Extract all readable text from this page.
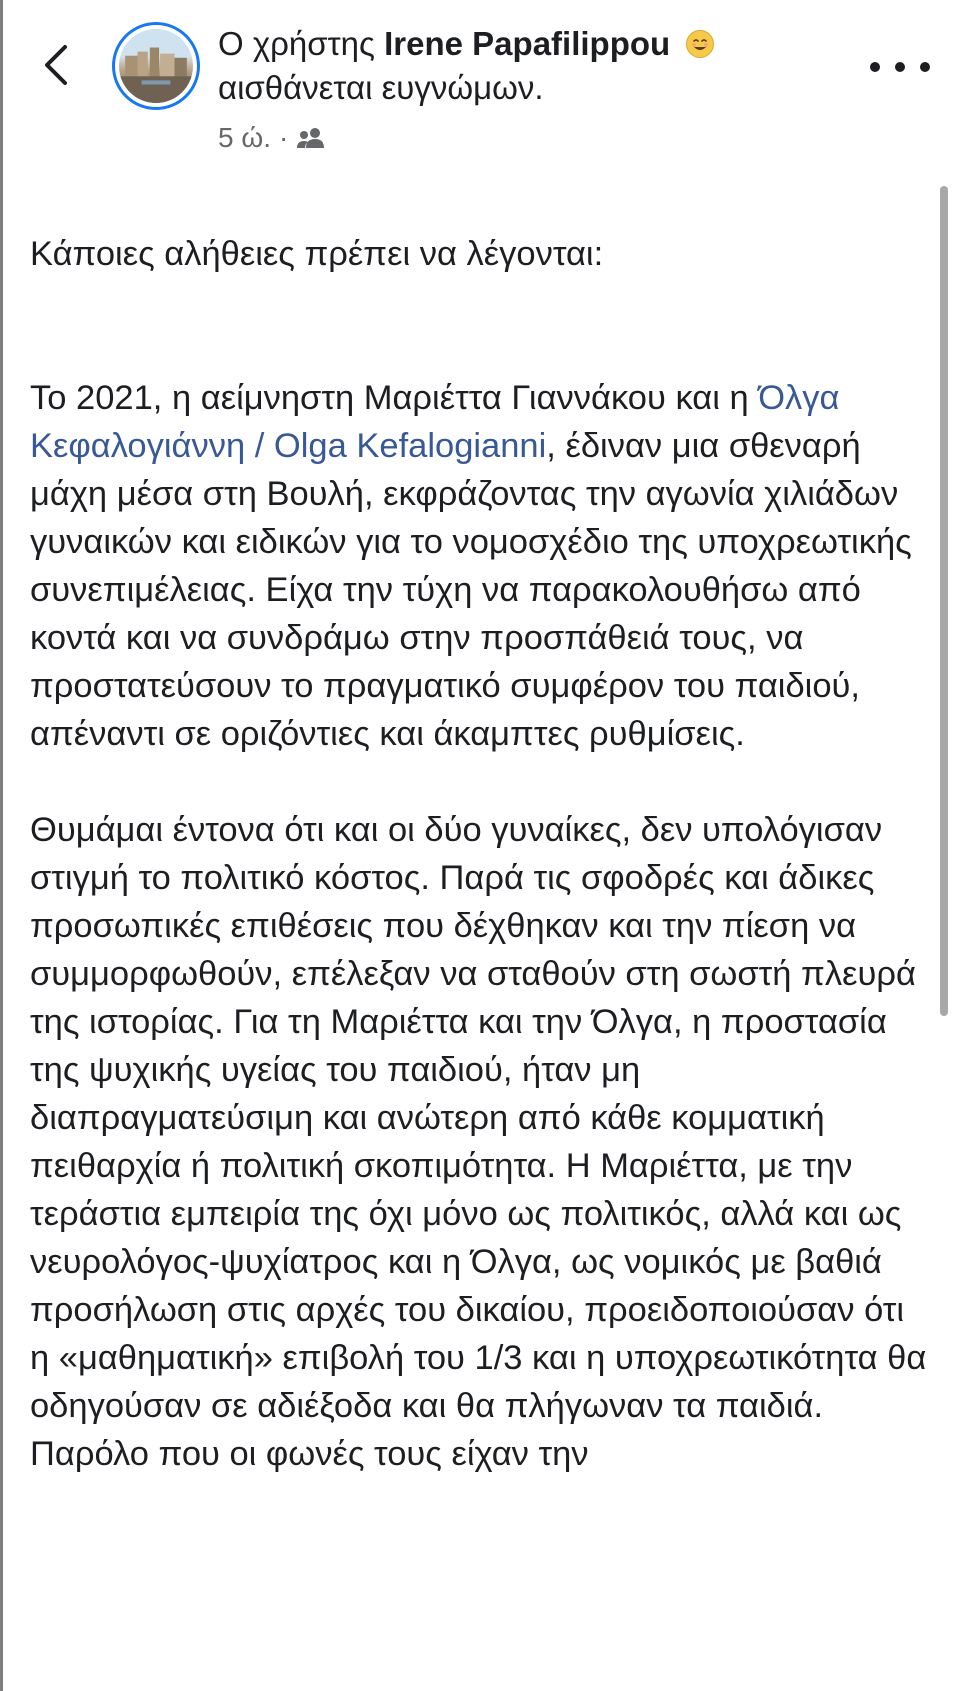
Ο χρήστης Irene Papafilippou
αισθάνεται ευγνώμων.
5 ώ. ·

Κάποιες αλήθειες πρέπει να λέγονται:

Το 2021, η αείμνηστη Μαριέττα Γιαννάκου και η Όλγα Κεφαλογιάννη / Olga Kefalogianni, έδιναν μια σθεναρή μάχη μέσα στη Βουλή, εκφράζοντας την αγωνία χιλιάδων γυναικών και ειδικών για το νομοσχέδιο της υποχρεωτικής συνεπιμέλειας. Είχα την τύχη να παρακολουθήσω από κοντά και να συνδράμω στην προσπάθειά τους, να προστατεύσουν το πραγματικό συμφέρον του παιδιού, απέναντι σε οριζόντιες και άκαμπτες ρυθμίσεις.

Θυμάμαι έντονα ότι και οι δύο γυναίκες, δεν υπολόγισαν στιγμή το πολιτικό κόστος. Παρά τις σφοδρές και άδικες προσωπικές επιθέσεις που δέχθηκαν και την πίεση να συμμορφωθούν, επέλεξαν να σταθούν στη σωστή πλευρά της ιστορίας. Για τη Μαριέττα και την Όλγα, η προστασία της ψυχικής υγείας του παιδιού, ήταν μη διαπραγματεύσιμη και ανώτερη από κάθε κομματική πειθαρχία ή πολιτική σκοπιμότητα. Η Μαριέττα, με την τεράστια εμπειρία της όχι μόνο ως πολιτικός, αλλά και ως νευρολόγος-ψυχίατρος και η Όλγα, ως νομικός με βαθιά προσήλωση στις αρχές του δικαίου, προειδοποιούσαν ότι η «μαθηματική» επιβολή του 1/3 και η υποχρεωτικότητα θα οδηγούσαν σε αδιέξοδα και θα πλήγωναν τα παιδιά. Παρόλο που οι φωνές τους είχαν την
